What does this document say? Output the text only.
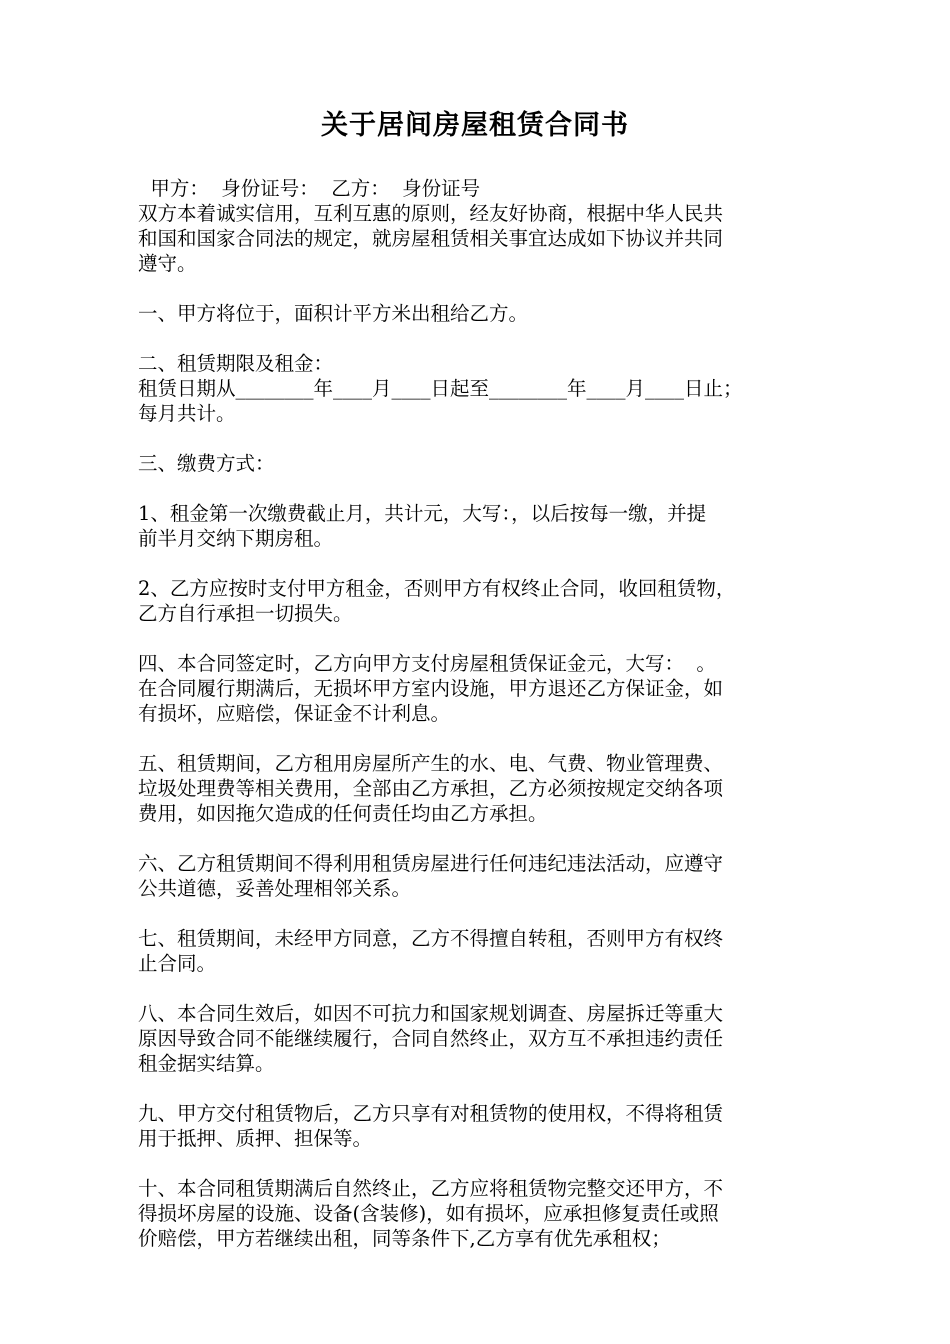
关于居间房屋租赁合同书
甲方：  身份证号：  乙方：  身份证号
双方本着诚实信用，互利互惠的原则，经友好协商，根据中华人民共
和国和国家合同法的规定，就房屋租赁相关事宜达成如下协议并共同
遵守。
一、甲方将位于，面积计平方米出租给乙方。
二、租赁期限及租金：
租赁日期从________年____月____日起至________年____月____日止；
每月共计。
三、缴费方式：
1、租金第一次缴费截止月，共计元，大写：，以后按每一缴，并提
前半月交纳下期房租。
2、乙方应按时支付甲方租金，否则甲方有权终止合同，收回租赁物，
乙方自行承担一切损失。
四、本合同签定时，乙方向甲方支付房屋租赁保证金元，大写：  。
在合同履行期满后，无损坏甲方室内设施，甲方退还乙方保证金，如
有损坏，应赔偿，保证金不计利息。
五、租赁期间，乙方租用房屋所产生的水、电、气费、物业管理费、
垃圾处理费等相关费用，全部由乙方承担，乙方必须按规定交纳各项
费用，如因拖欠造成的任何责任均由乙方承担。
六、乙方租赁期间不得利用租赁房屋进行任何违纪违法活动，应遵守
公共道德，妥善处理相邻关系。
七、租赁期间，未经甲方同意，乙方不得擅自转租，否则甲方有权终
止合同。
八、本合同生效后，如因不可抗力和国家规划调查、房屋拆迁等重大
原因导致合同不能继续履行，合同自然终止，双方互不承担违约责任
租金据实结算。
九、甲方交付租赁物后，乙方只享有对租赁物的使用权，不得将租赁
用于抵押、质押、担保等。
十、本合同租赁期满后自然终止，乙方应将租赁物完整交还甲方，不
得损坏房屋的设施、设备(含装修)，如有损坏，应承担修复责任或照
价赔偿，甲方若继续出租，同等条件下,乙方享有优先承租权；
